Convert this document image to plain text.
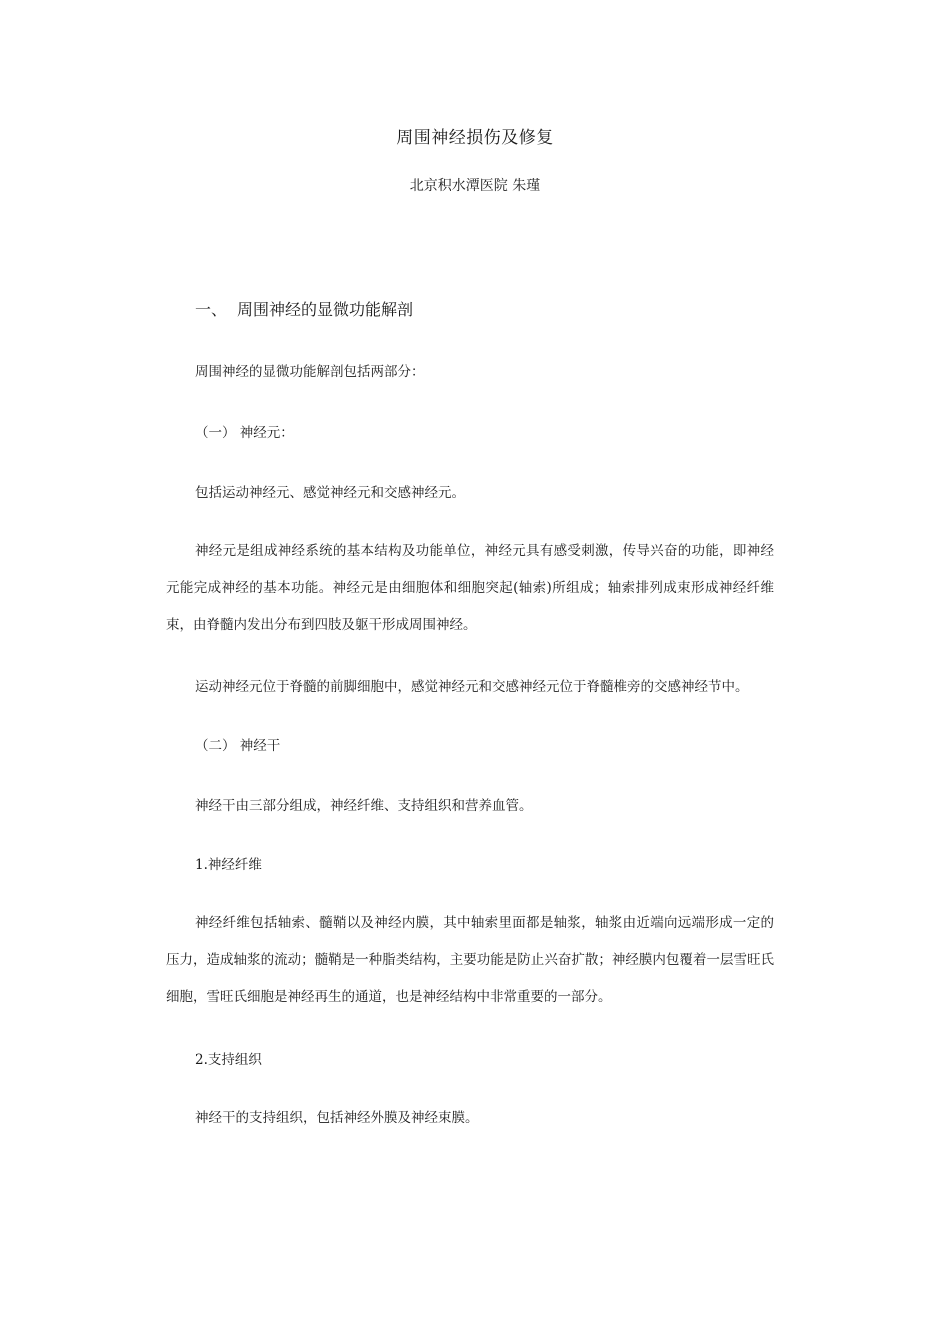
周围神经损伤及修复
北京积水潭医院 朱瑾
一、 周围神经的显微功能解剖
周围神经的显微功能解剖包括两部分：
（一） 神经元：
包括运动神经元、感觉神经元和交感神经元。
神经元是组成神经系统的基本结构及功能单位，神经元具有感受刺激，传导兴奋的功能，即神经元能完成神经的基本功能。神经元是由细胞体和细胞突起(轴索)所组成；轴索排列成束形成神经纤维束，由脊髓内发出分布到四肢及躯干形成周围神经。
运动神经元位于脊髓的前脚细胞中，感觉神经元和交感神经元位于脊髓椎旁的交感神经节中。
（二） 神经干
神经干由三部分组成，神经纤维、支持组织和营养血管。
1.神经纤维
神经纤维包括轴索、髓鞘以及神经内膜，其中轴索里面都是轴浆，轴浆由近端向远端形成一定的压力，造成轴浆的流动；髓鞘是一种脂类结构，主要功能是防止兴奋扩散；神经膜内包覆着一层雪旺氏细胞，雪旺氏细胞是神经再生的通道，也是神经结构中非常重要的一部分。
2.支持组织
神经干的支持组织，包括神经外膜及神经束膜。
